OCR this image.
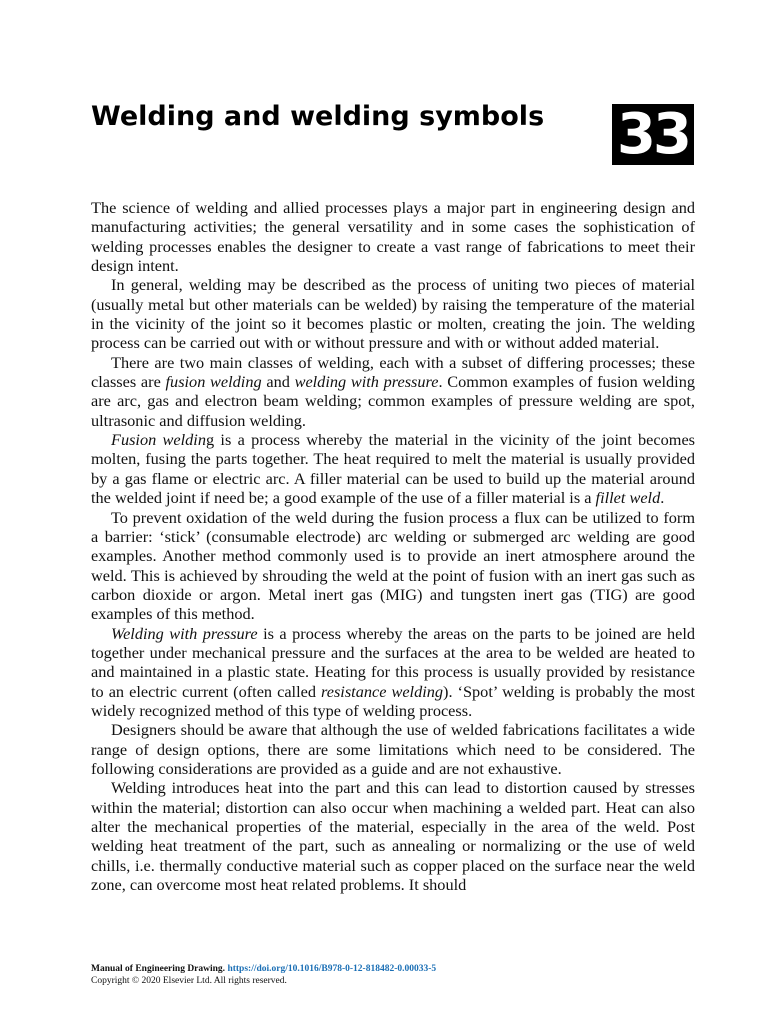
Welding and welding symbols 33

The science of welding and allied processes plays a major part in engineering design and manufacturing activities; the general versatility and in some cases the sophistication of welding processes enables the designer to create a vast range of fabrications to meet their design intent.

In general, welding may be described as the process of uniting two pieces of material (usually metal but other materials can be welded) by raising the temperature of the material in the vicinity of the joint so it becomes plastic or molten, creating the join. The welding process can be carried out with or without pressure and with or without added material.

There are two main classes of welding, each with a subset of differing processes; these classes are fusion welding and welding with pressure. Common examples of fusion welding are arc, gas and electron beam welding; common examples of pressure welding are spot, ultrasonic and diffusion welding.

Fusion welding is a process whereby the material in the vicinity of the joint becomes molten, fusing the parts together. The heat required to melt the material is usually provided by a gas flame or electric arc. A filler material can be used to build up the material around the welded joint if need be; a good example of the use of a filler material is a fillet weld.

To prevent oxidation of the weld during the fusion process a flux can be utilized to form a barrier: ‘stick’ (consumable electrode) arc welding or submerged arc welding are good examples. Another method commonly used is to provide an inert atmosphere around the weld. This is achieved by shrouding the weld at the point of fusion with an inert gas such as carbon dioxide or argon. Metal inert gas (MIG) and tungsten inert gas (TIG) are good examples of this method.

Welding with pressure is a process whereby the areas on the parts to be joined are held together under mechanical pressure and the surfaces at the area to be welded are heated to and maintained in a plastic state. Heating for this process is usually provided by resistance to an electric current (often called resistance welding). ‘Spot’ welding is probably the most widely recognized method of this type of welding process.

Designers should be aware that although the use of welded fabrications facilitates a wide range of design options, there are some limitations which need to be considered. The following considerations are provided as a guide and are not exhaustive.

Welding introduces heat into the part and this can lead to distortion caused by stresses within the material; distortion can also occur when machining a welded part. Heat can also alter the mechanical properties of the material, especially in the area of the weld. Post welding heat treatment of the part, such as annealing or normalizing or the use of weld chills, i.e. thermally conductive material such as copper placed on the surface near the weld zone, can overcome most heat related problems. It should

Manual of Engineering Drawing. https://doi.org/10.1016/B978-0-12-818482-0.00033-5
Copyright © 2020 Elsevier Ltd. All rights reserved.
